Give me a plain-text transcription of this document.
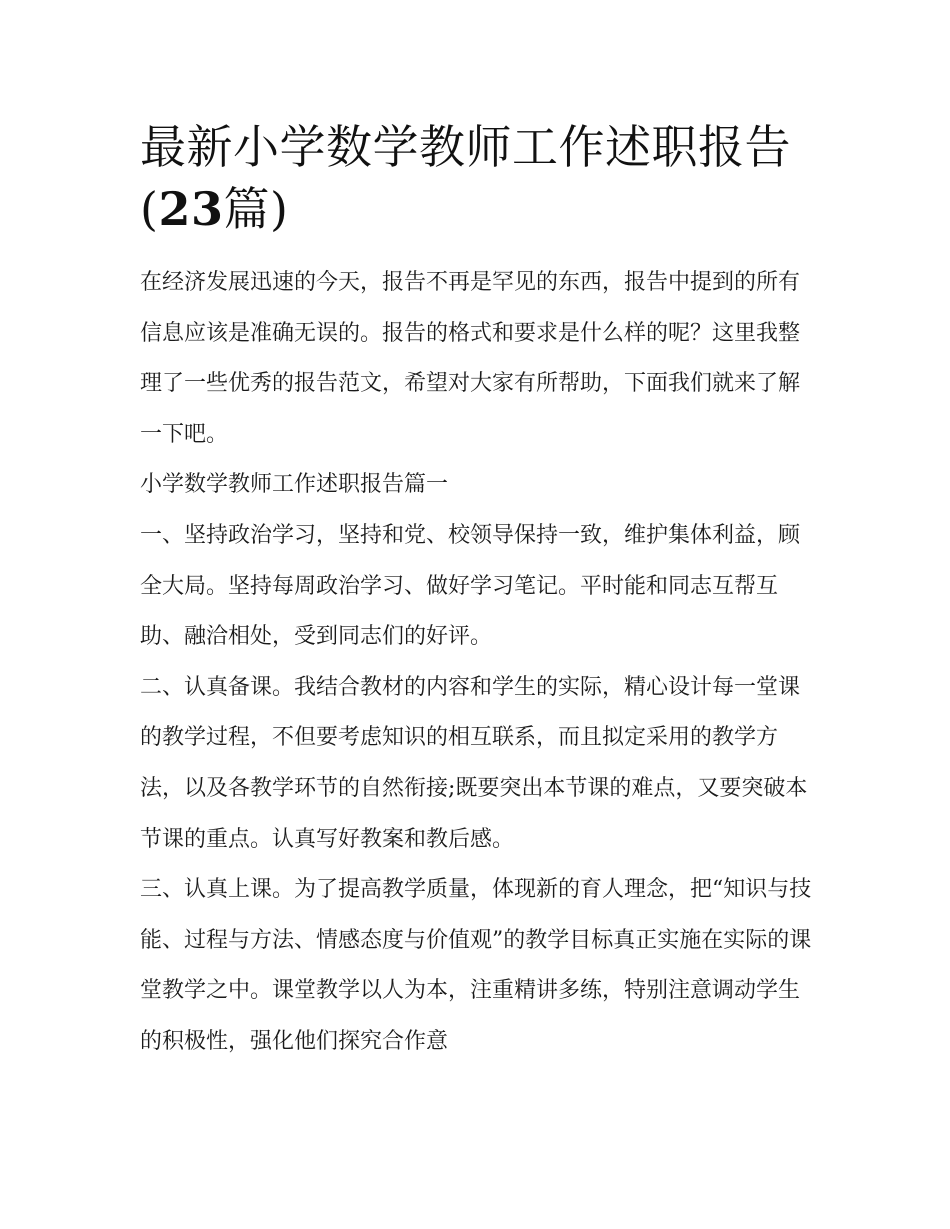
最新小学数学教师工作述职报告(23篇)

在经济发展迅速的今天，报告不再是罕见的东西，报告中提到的所有信息应该是准确无误的。报告的格式和要求是什么样的呢？这里我整理了一些优秀的报告范文，希望对大家有所帮助，下面我们就来了解一下吧。

小学数学教师工作述职报告篇一

一、坚持政治学习，坚持和党、校领导保持一致，维护集体利益，顾全大局。坚持每周政治学习、做好学习笔记。平时能和同志互帮互助、融洽相处，受到同志们的好评。

二、认真备课。我结合教材的内容和学生的实际，精心设计每一堂课的教学过程，不但要考虑知识的相互联系，而且拟定采用的教学方法，以及各教学环节的自然衔接;既要突出本节课的难点，又要突破本节课的重点。认真写好教案和教后感。

三、认真上课。为了提高教学质量，体现新的育人理念，把“知识与技能、过程与方法、情感态度与价值观”的教学目标真正实施在实际的课堂教学之中。课堂教学以人为本，注重精讲多练，特别注意调动学生的积极性，强化他们探究合作意
